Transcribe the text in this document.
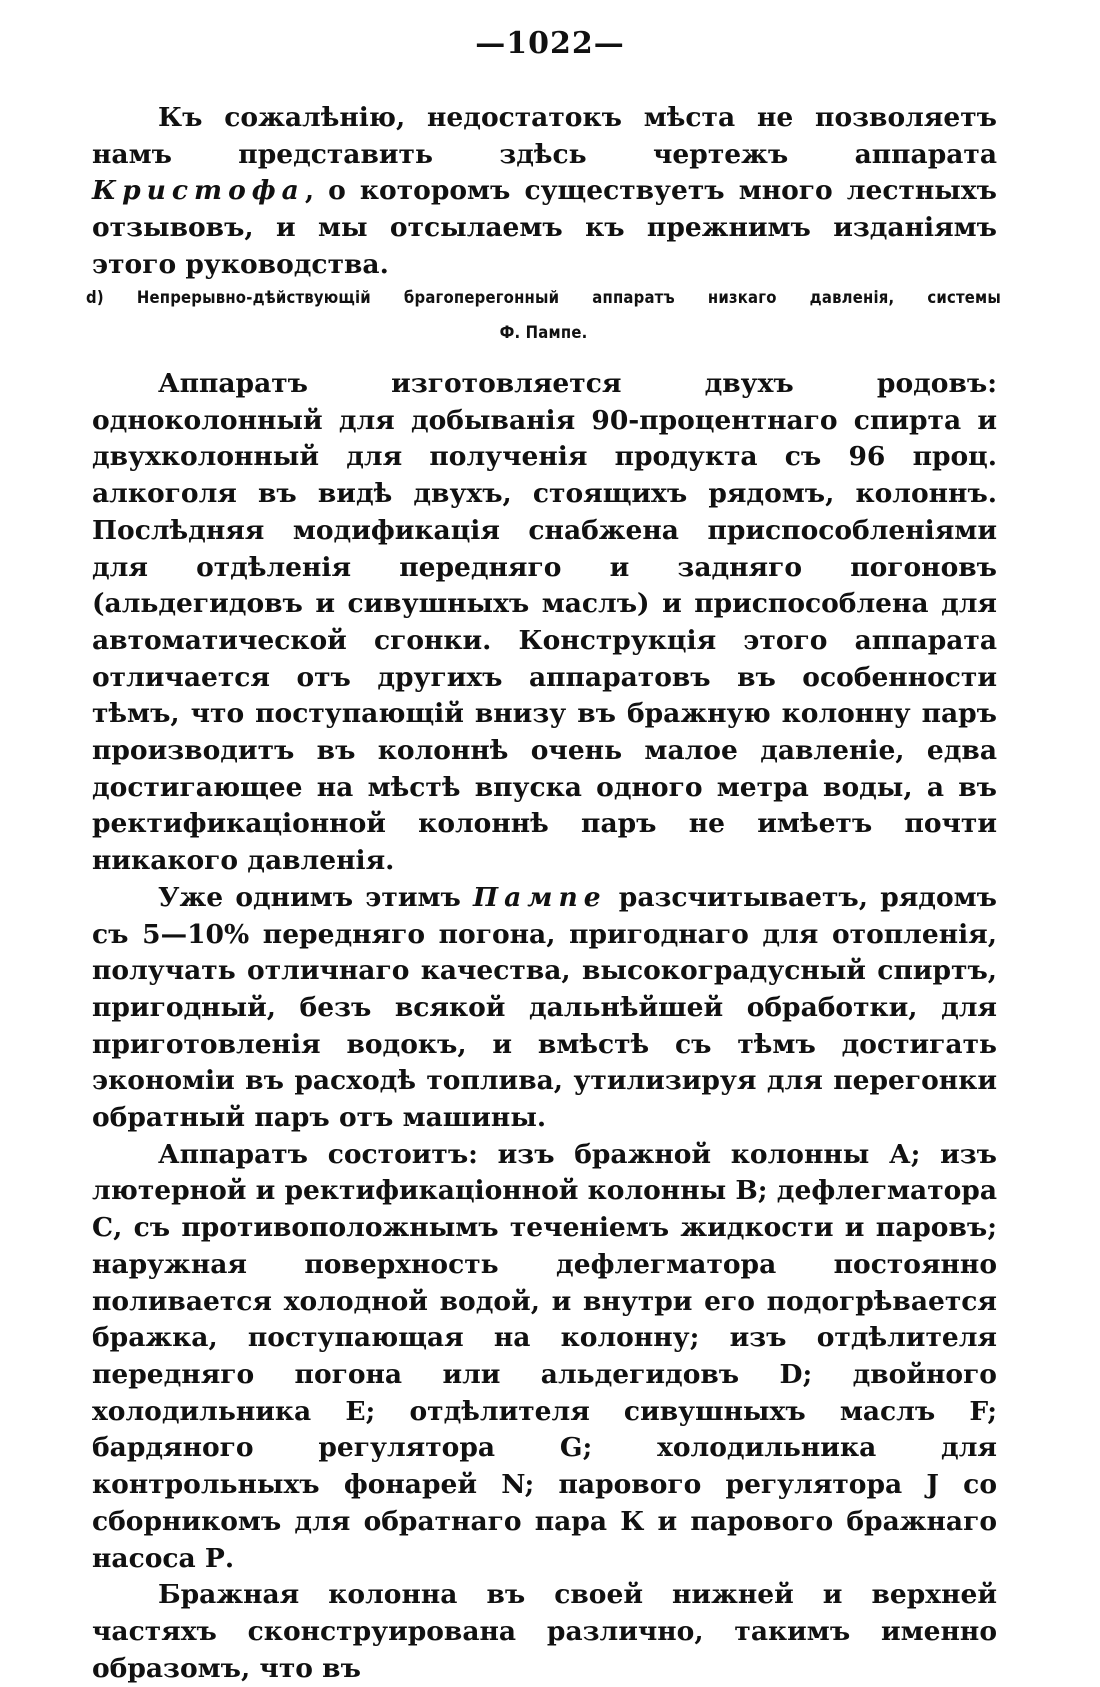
—1022—

Къ сожалѣнію, недостатокъ мѣста не позволяетъ намъ представить здѣсь чертежъ аппарата Кристофа, о которомъ существуетъ много лестныхъ отзывовъ, и мы отсылаемъ къ прежнимъ изданіямъ этого руководства.

d) Непрерывно-дѣйствующій брагоперегонный аппаратъ низкаго давленія, системы
Ф. Пампе.

Аппаратъ изготовляется двухъ родовъ: одноколонный для добыванія 90-процентнаго спирта и двухколонный для полученія продукта съ 96 проц. алкоголя въ видѣ двухъ, стоящихъ рядомъ, колоннъ. Послѣдняя модификація снабжена приспособленіями для отдѣленія передняго и задняго погоновъ (альдегидовъ и сивушныхъ маслъ) и приспособлена для автоматической сгонки. Конструкція этого аппарата отличается отъ другихъ аппаратовъ въ особенности тѣмъ, что поступающій внизу въ бражную колонну паръ производитъ въ колоннѣ очень малое давленіе, едва достигающее на мѣстѣ впуска одного метра воды, а въ ректификаціонной колоннѣ паръ не имѣетъ почти никакого давленія.

Уже однимъ этимъ Пампе разсчитываетъ, рядомъ съ 5—10% передняго погона, пригоднаго для отопленія, получать отличнаго качества, высокоградусный спиртъ, пригодный, безъ всякой дальнѣйшей обработки, для приготовленія водокъ, и вмѣстѣ съ тѣмъ достигать экономіи въ расходѣ топлива, утилизируя для перегонки обратный паръ отъ машины.

Аппаратъ состоитъ: изъ бражной колонны А; изъ лютерной и ректификаціонной колонны В; дефлегматора С, съ противоположнымъ теченіемъ жидкости и паровъ; наружная поверхность дефлегматора постоянно поливается холодной водой, и внутри его подогрѣвается бражка, поступающая на колонну; изъ отдѣлителя передняго погона или альдегидовъ D; двойного холодильника Е; отдѣлителя сивушныхъ маслъ F; бардяного регулятора G; холодильника для контрольныхъ фонарей N; парового регулятора J со сборникомъ для обратнаго пара К и парового бражнаго насоса Р.

Бражная колонна въ своей нижней и верхней частяхъ сконструирована различно, такимъ именно образомъ, что въ
